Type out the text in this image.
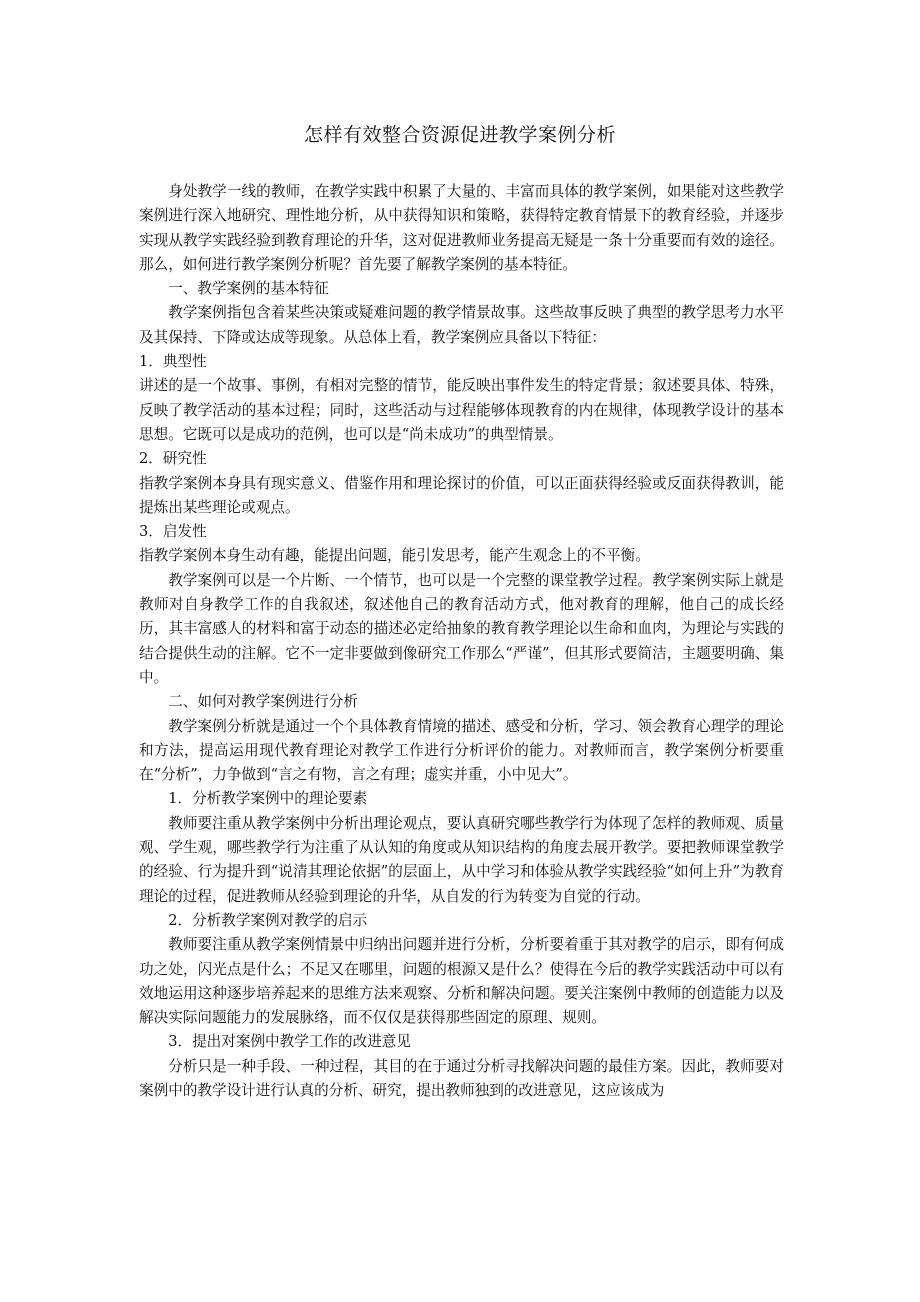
怎样有效整合资源促进教学案例分析

身处教学一线的教师，在教学实践中积累了大量的、丰富而具体的教学案例，如果能对这些教学案例进行深入地研究、理性地分析，从中获得知识和策略，获得特定教育情景下的教育经验，并逐步实现从教学实践经验到教育理论的升华，这对促进教师业务提高无疑是一条十分重要而有效的途径。那么，如何进行教学案例分析呢？首先要了解教学案例的基本特征。

一、教学案例的基本特征

教学案例指包含着某些决策或疑难问题的教学情景故事。这些故事反映了典型的教学思考力水平及其保持、下降或达成等现象。从总体上看，教学案例应具备以下特征：

1．典型性

讲述的是一个故事、事例，有相对完整的情节，能反映出事件发生的特定背景；叙述要具体、特殊，反映了教学活动的基本过程；同时，这些活动与过程能够体现教育的内在规律，体现教学设计的基本思想。它既可以是成功的范例，也可以是“尚未成功”的典型情景。

2．研究性

指教学案例本身具有现实意义、借鉴作用和理论探讨的价值，可以正面获得经验或反面获得教训，能提炼出某些理论或观点。

3．启发性

指教学案例本身生动有趣，能提出问题，能引发思考，能产生观念上的不平衡。

教学案例可以是一个片断、一个情节，也可以是一个完整的课堂教学过程。教学案例实际上就是教师对自身教学工作的自我叙述，叙述他自己的教育活动方式，他对教育的理解，他自己的成长经历，其丰富感人的材料和富于动态的描述必定给抽象的教育教学理论以生命和血肉，为理论与实践的结合提供生动的注解。它不一定非要做到像研究工作那么“严谨”，但其形式要简洁，主题要明确、集中。

二、如何对教学案例进行分析

教学案例分析就是通过一个个具体教育情境的描述、感受和分析，学习、领会教育心理学的理论和方法，提高运用现代教育理论对教学工作进行分析评价的能力。对教师而言，教学案例分析要重在“分析”，力争做到“言之有物，言之有理；虚实并重，小中见大”。

1．分析教学案例中的理论要素

教师要注重从教学案例中分析出理论观点，要认真研究哪些教学行为体现了怎样的教师观、质量观、学生观，哪些教学行为注重了从认知的角度或从知识结构的角度去展开教学。要把教师课堂教学的经验、行为提升到“说清其理论依据”的层面上，从中学习和体验从教学实践经验“如何上升”为教育理论的过程，促进教师从经验到理论的升华，从自发的行为转变为自觉的行动。

2．分析教学案例对教学的启示

教师要注重从教学案例情景中归纳出问题并进行分析，分析要着重于其对教学的启示，即有何成功之处，闪光点是什么；不足又在哪里，问题的根源又是什么？使得在今后的教学实践活动中可以有效地运用这种逐步培养起来的思维方法来观察、分析和解决问题。要关注案例中教师的创造能力以及解决实际问题能力的发展脉络，而不仅仅是获得那些固定的原理、规则。

3．提出对案例中教学工作的改进意见

分析只是一种手段、一种过程，其目的在于通过分析寻找解决问题的最佳方案。因此，教师要对案例中的教学设计进行认真的分析、研究，提出教师独到的改进意见，这应该成为
